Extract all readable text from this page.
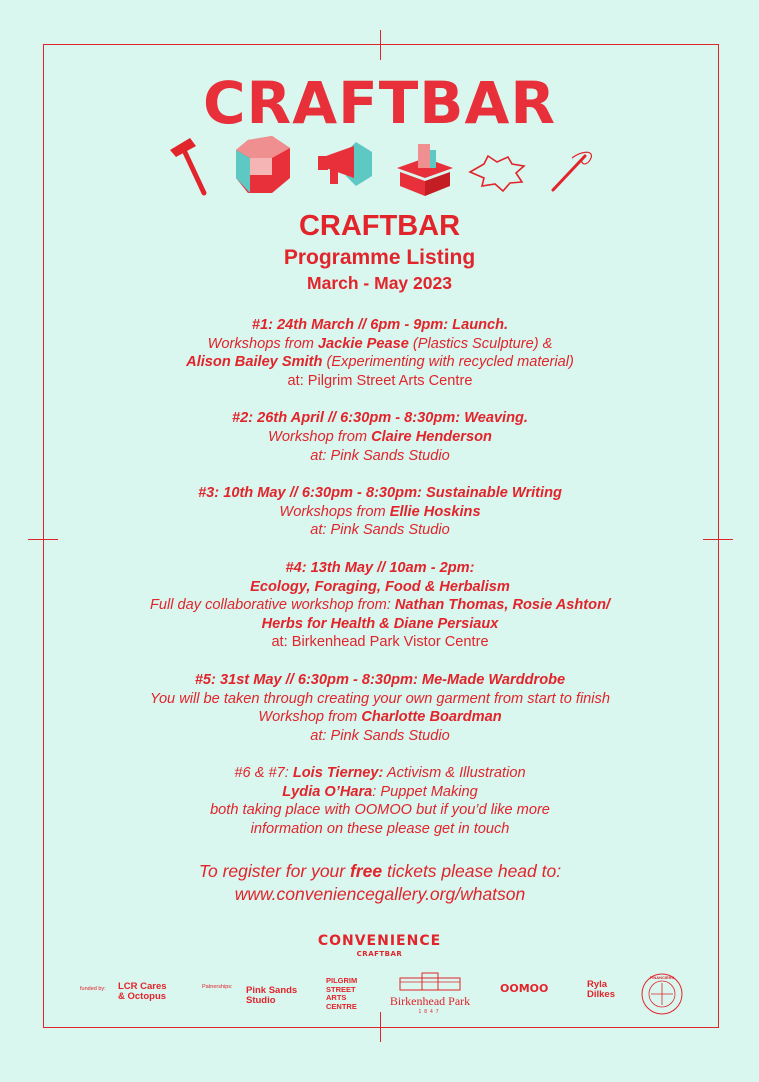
CRAFTBAR
CRAFTBAR
Programme Listing
March - May 2023
#1: 24th March // 6pm - 9pm: Launch.
Workshops from Jackie Pease (Plastics Sculpture) &
Alison Bailey Smith (Experimenting with recycled material)
at: Pilgrim Street Arts Centre
#2: 26th April // 6:30pm - 8:30pm: Weaving.
Workshop from Claire Henderson
at: Pink Sands Studio
#3: 10th May // 6:30pm - 8:30pm: Sustainable Writing
Workshops from Ellie Hoskins
at: Pink Sands Studio
#4: 13th May // 10am - 2pm:
Ecology, Foraging, Food & Herbalism
Full day collaborative workshop from: Nathan Thomas, Rosie Ashton/
Herbs for Health & Diane Persiaux
at: Birkenhead Park Vistor Centre
#5: 31st May // 6:30pm - 8:30pm: Me-Made Warddrobe
You will be taken through creating your own garment from start to finish
Workshop from Charlotte Boardman
at: Pink Sands Studio
#6 & #7: Lois Tierney: Activism & Illustration
Lydia O’Hara: Puppet Making
both taking place with OOMOO but if you’d like more
information on these please get in touch
To register for your free tickets please head to:
www.conveniencegallery.org/whatson
CONVENIENCE
CRAFTBAR
funded by: LCR Cares
& Octopus
Patnerships: Pink Sands
Studio
PILGRIM
STREET
ARTS
CENTRE	Birkenhead Park
1847
OOMOO	Ryla
Dilkes
FINANCIERS
